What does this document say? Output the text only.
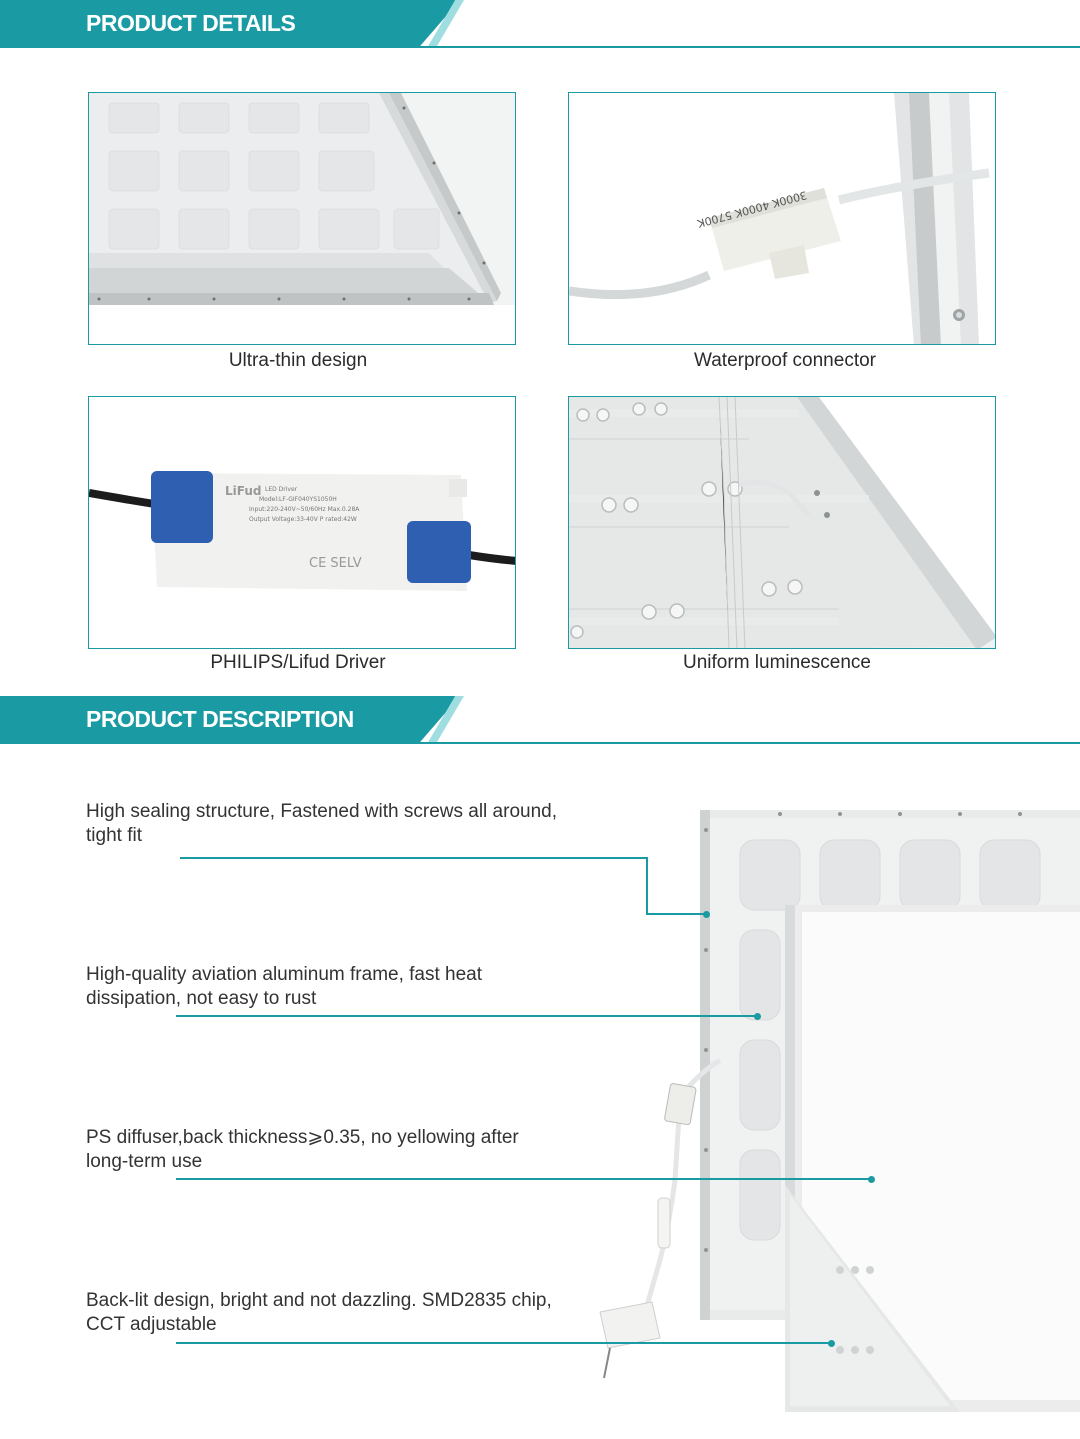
PRODUCT DETAILS
Ultra-thin design
3000K 4000K 5700K
Waterproof connector
LiFud LED Driver
Model:LF-GIF040YS1050H
Input:220-240V~50/60Hz Max.0.28A
Output Voltage:33-40V P rated:42W
CE SELV
PHILIPS/Lifud Driver	Uniform luminescence
PRODUCT DESCRIPTION
High sealing structure, Fastened with screws all around, tight fit
High-quality aviation aluminum frame, fast heat dissipation, not easy to rust
PS diffuser,back thickness⩾0.35, no yellowing after long-term use
Back-lit design, bright and not dazzling. SMD2835 chip, CCT adjustable
